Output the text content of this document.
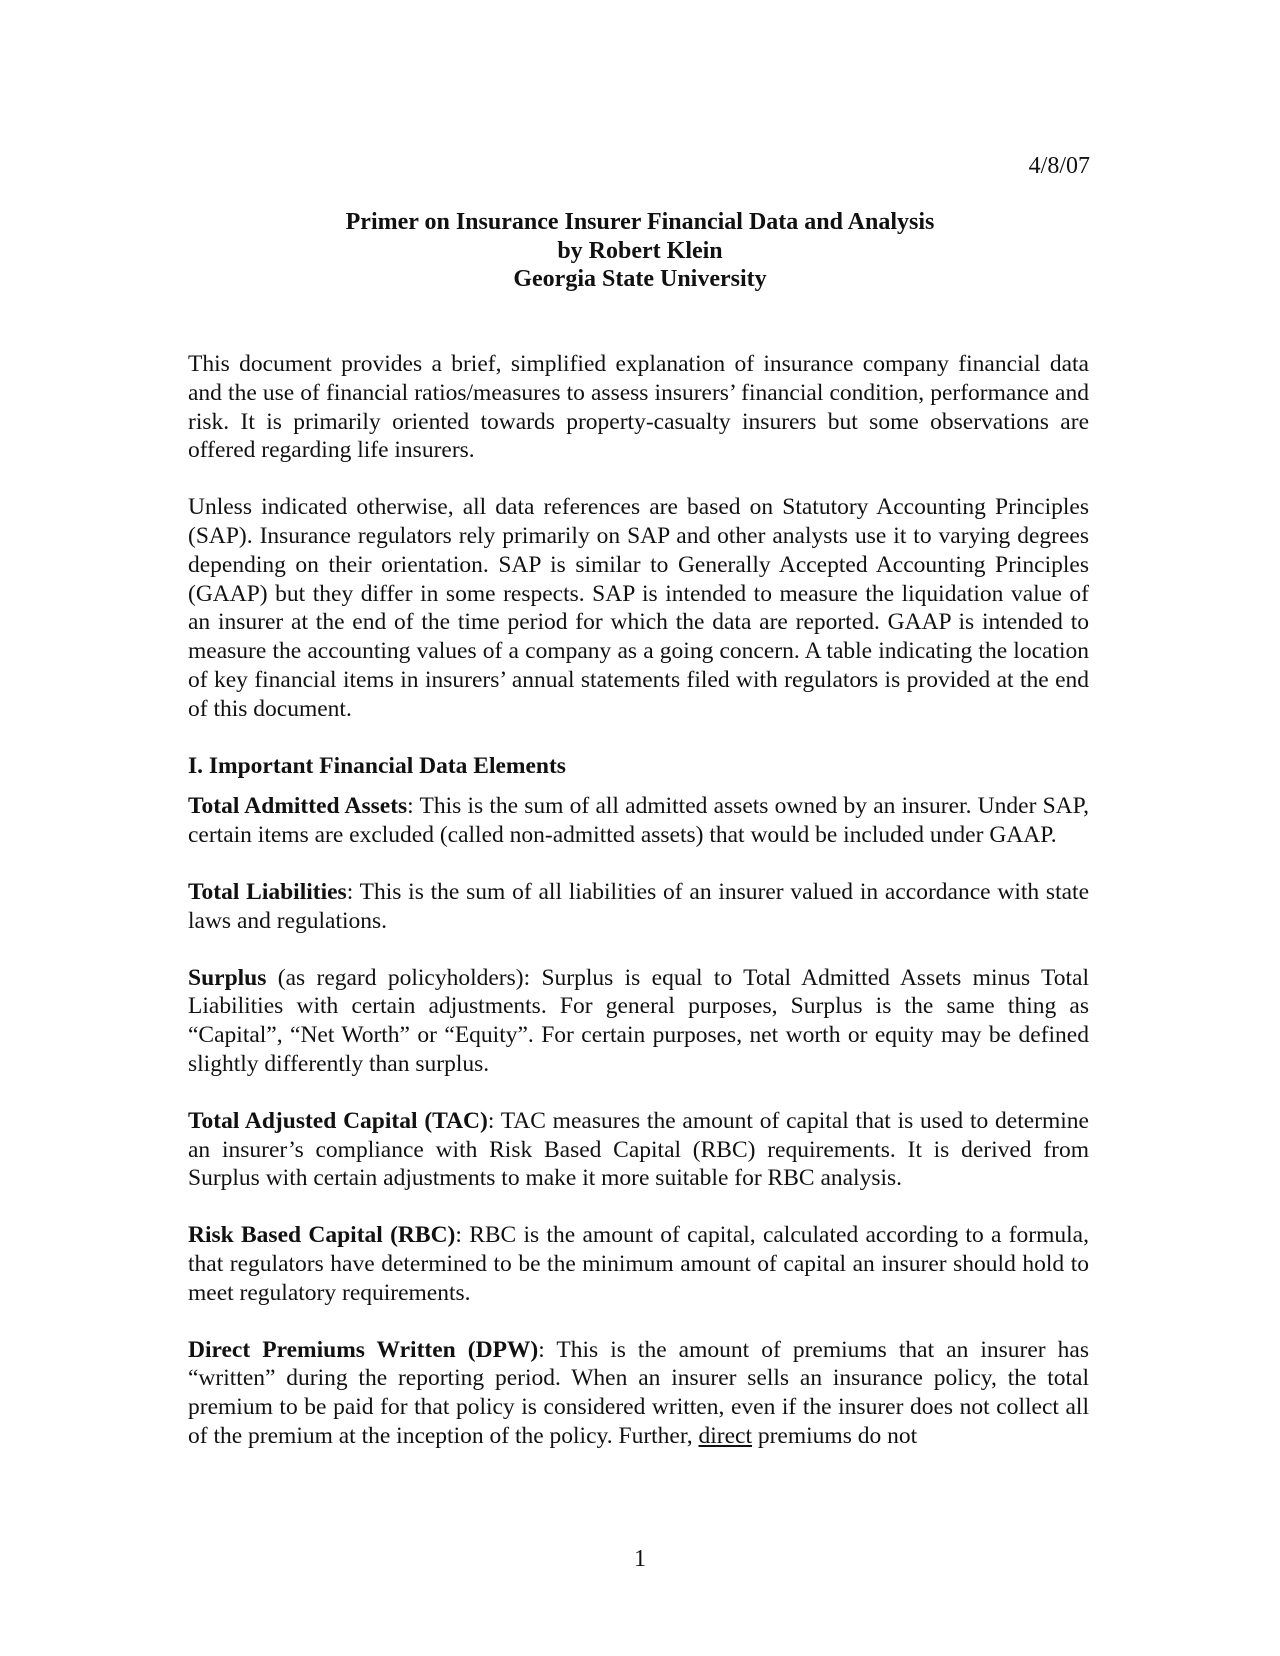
4/8/07
Primer on Insurance Insurer Financial Data and Analysis
by Robert Klein
Georgia State University

This document provides a brief, simplified explanation of insurance company financial data and the use of financial ratios/measures to assess insurers’ financial condition, performance and risk. It is primarily oriented towards property-casualty insurers but some observations are offered regarding life insurers.

Unless indicated otherwise, all data references are based on Statutory Accounting Principles (SAP). Insurance regulators rely primarily on SAP and other analysts use it to varying degrees depending on their orientation. SAP is similar to Generally Accepted Accounting Principles (GAAP) but they differ in some respects. SAP is intended to measure the liquidation value of an insurer at the end of the time period for which the data are reported. GAAP is intended to measure the accounting values of a company as a going concern. A table indicating the location of key financial items in insurers’ annual statements filed with regulators is provided at the end of this document.

I. Important Financial Data Elements

Total Admitted Assets: This is the sum of all admitted assets owned by an insurer. Under SAP, certain items are excluded (called non-admitted assets) that would be included under GAAP.

Total Liabilities: This is the sum of all liabilities of an insurer valued in accordance with state laws and regulations.

Surplus (as regard policyholders): Surplus is equal to Total Admitted Assets minus Total Liabilities with certain adjustments. For general purposes, Surplus is the same thing as “Capital”, “Net Worth” or “Equity”. For certain purposes, net worth or equity may be defined slightly differently than surplus.

Total Adjusted Capital (TAC): TAC measures the amount of capital that is used to determine an insurer’s compliance with Risk Based Capital (RBC) requirements. It is derived from Surplus with certain adjustments to make it more suitable for RBC analysis.

Risk Based Capital (RBC): RBC is the amount of capital, calculated according to a formula, that regulators have determined to be the minimum amount of capital an insurer should hold to meet regulatory requirements.

Direct Premiums Written (DPW): This is the amount of premiums that an insurer has “written” during the reporting period. When an insurer sells an insurance policy, the total premium to be paid for that policy is considered written, even if the insurer does not collect all of the premium at the inception of the policy. Further, direct premiums do not

1
